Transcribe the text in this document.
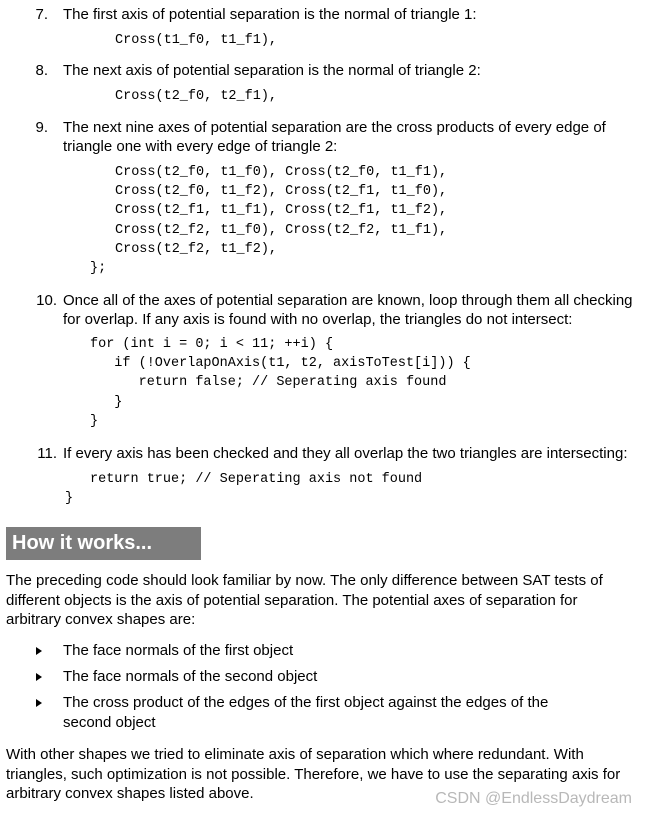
7. The first axis of potential separation is the normal of triangle 1:
Cross(t1_f0, t1_f1),
8. The next axis of potential separation is the normal of triangle 2:
Cross(t2_f0, t2_f1),
9. The next nine axes of potential separation are the cross products of every edge of triangle one with every edge of triangle 2:
Cross(t2_f0, t1_f0), Cross(t2_f0, t1_f1),
Cross(t2_f0, t1_f2), Cross(t2_f1, t1_f0),
Cross(t2_f1, t1_f1), Cross(t2_f1, t1_f2),
Cross(t2_f2, t1_f0), Cross(t2_f2, t1_f1),
Cross(t2_f2, t1_f2),
};
10. Once all of the axes of potential separation are known, loop through them all checking for overlap. If any axis is found with no overlap, the triangles do not intersect:
for (int i = 0; i < 11; ++i) {
if (!OverlapOnAxis(t1, t2, axisToTest[i])) {
return false; // Seperating axis found
}
}
11. If every axis has been checked and they all overlap the two triangles are intersecting:
return true; // Seperating axis not found
}
How it works...
The preceding code should look familiar by now. The only difference between SAT tests of different objects is the axis of potential separation. The potential axes of separation for arbitrary convex shapes are:
The face normals of the first object
The face normals of the second object
The cross product of the edges of the first object against the edges of the second object
With other shapes we tried to eliminate axis of separation which where redundant. With triangles, such optimization is not possible. Therefore, we have to use the separating axis for arbitrary convex shapes listed above.	CSDN @EndlessDaydream
